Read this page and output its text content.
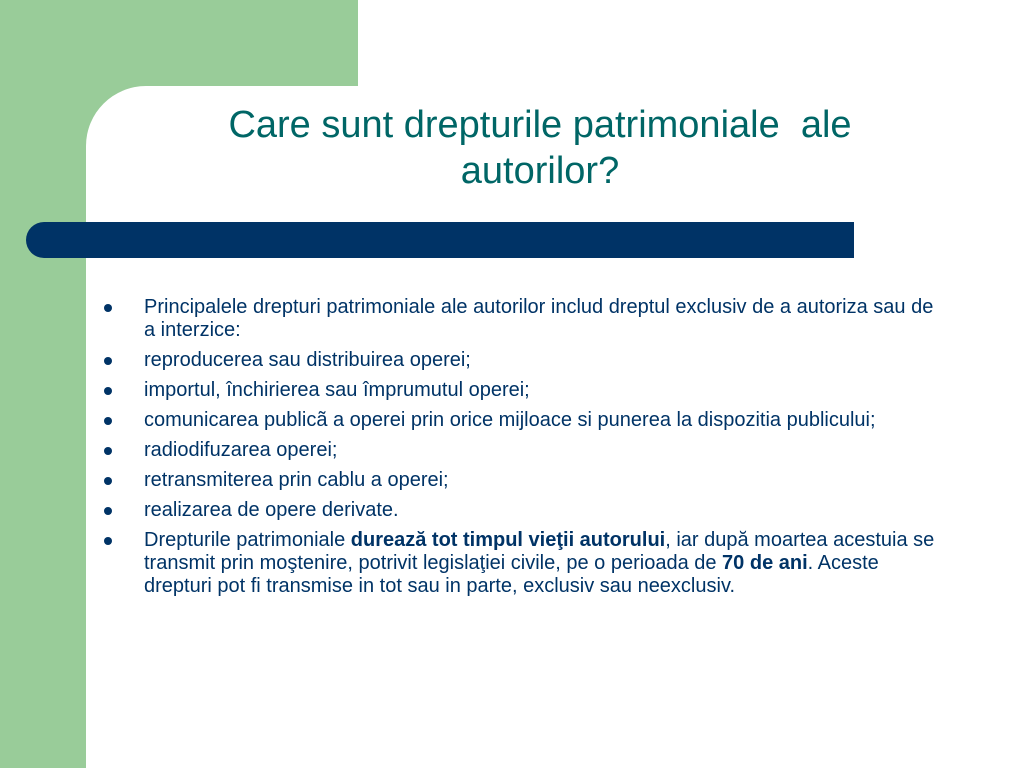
Care sunt drepturile patrimoniale  ale
autorilor?
Principalele drepturi patrimoniale ale autorilor includ dreptul exclusiv de a autoriza sau de a interzice:
reproducerea sau distribuirea operei;
importul, închirierea sau împrumutul operei;
comunicarea publicã a operei prin orice mijloace si punerea la dispozitia publicului;
radiodifuzarea operei;
retransmiterea prin cablu a operei;
realizarea de opere derivate.
Drepturile patrimoniale durează tot timpul vieţii autorului, iar după moartea acestuia se transmit prin moştenire, potrivit legislaţiei civile, pe o perioada de 70 de ani. Aceste drepturi pot fi transmise in tot sau in parte, exclusiv sau neexclusiv.
